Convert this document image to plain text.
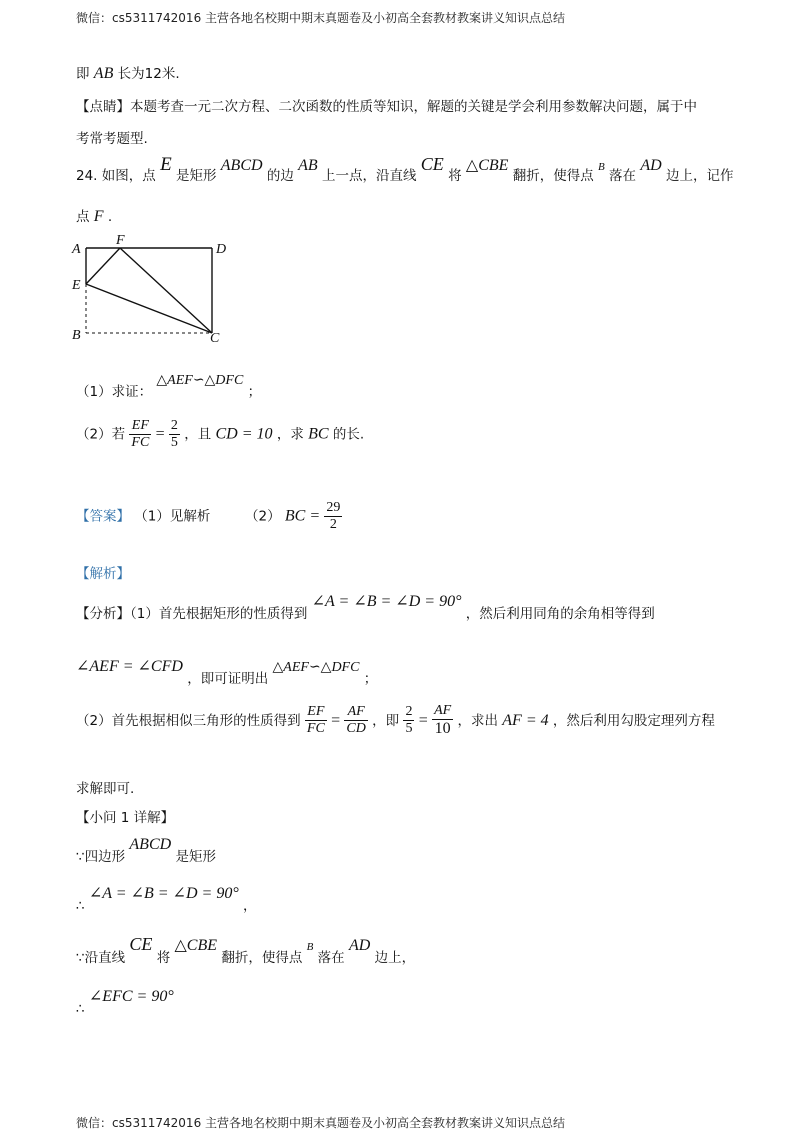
微信：cs5311742016 主营各地名校期中期末真题卷及小初高全套教材教案讲义知识点总结
即 AB 长为12米.
【点睛】本题考查一元二次方程、二次函数的性质等知识，解题的关键是学会利用参数解决问题，属于中
考常考题型.
24. 如图，点 E 是矩形 ABCD 的边 AB 上一点，沿直线 CE 将 △CBE 翻折，使得点 B 落在 AD 边上，记作
点 F .
A
F
D
E
B	C
（1）求证： △AEF∽△DFC ；
（2）若 $\frac{EF}{FC} = \frac{2}{5}$ ，且 CD = 10 ，求 BC 的长.
【答案】 （1）见解析	（2） BC = $\frac{29}{2}$
【解析】
【分析】（1）首先根据矩形的性质得到 ∠A = ∠B = ∠D = 90° ，然后利用同角的余角相等得到
∠AEF = ∠CFD ，即可证明出 △AEF∽△DFC ；
（2）首先根据相似三角形的性质得到 $\frac{EF}{FC} = \frac{AF}{CD}$ ，即 $\frac{2}{5} = \frac{AF}{10}$ ，求出 AF = 4 ，然后利用勾股定理列方程
求解即可.
【小问 1 详解】
∵四边形 ABCD 是矩形
∴ ∠A = ∠B = ∠D = 90° ，
∵沿直线 CE 将 △CBE 翻折，使得点 B 落在 AD 边上，
∴ ∠EFC = 90°
微信：cs5311742016 主营各地名校期中期末真题卷及小初高全套教材教案讲义知识点总结
